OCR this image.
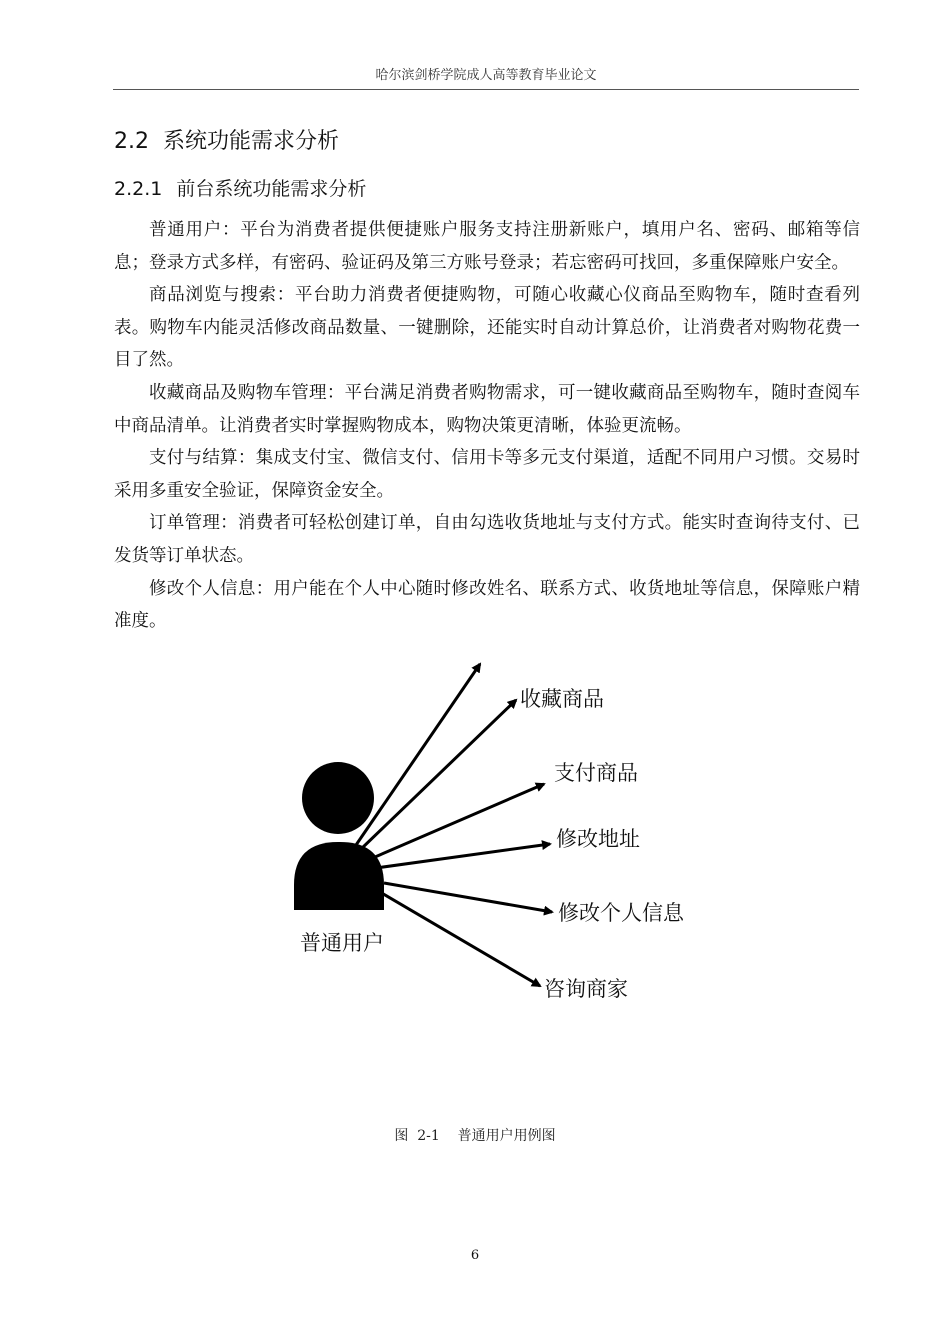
哈尔滨剑桥学院成人高等教育毕业论文
2.2 系统功能需求分析
2.2.1 前台系统功能需求分析

普通用户：平台为消费者提供便捷账户服务支持注册新账户，填用户名、密码、邮箱等信息；登录方式多样，有密码、验证码及第三方账号登录；若忘密码可找回，多重保障账户安全。

商品浏览与搜索：平台助力消费者便捷购物，可随心收藏心仪商品至购物车，随时查看列表。购物车内能灵活修改商品数量、一键删除，还能实时自动计算总价，让消费者对购物花费一目了然。

收藏商品及购物车管理：平台满足消费者购物需求，可一键收藏商品至购物车，随时查阅车中商品清单。让消费者实时掌握购物成本，购物决策更清晰，体验更流畅。

支付与结算：集成支付宝、微信支付、信用卡等多元支付渠道，适配不同用户习惯。交易时采用多重安全验证，保障资金安全。

订单管理：消费者可轻松创建订单，自由勾选收货地址与支付方式。能实时查询待支付、已发货等订单状态。

修改个人信息：用户能在个人中心随时修改姓名、联系方式、收货地址等信息，保障账户精准度。

普通用户
收藏商品
支付商品
修改地址
修改个人信息
咨询商家
图  2-1    普通用户用例图
6
